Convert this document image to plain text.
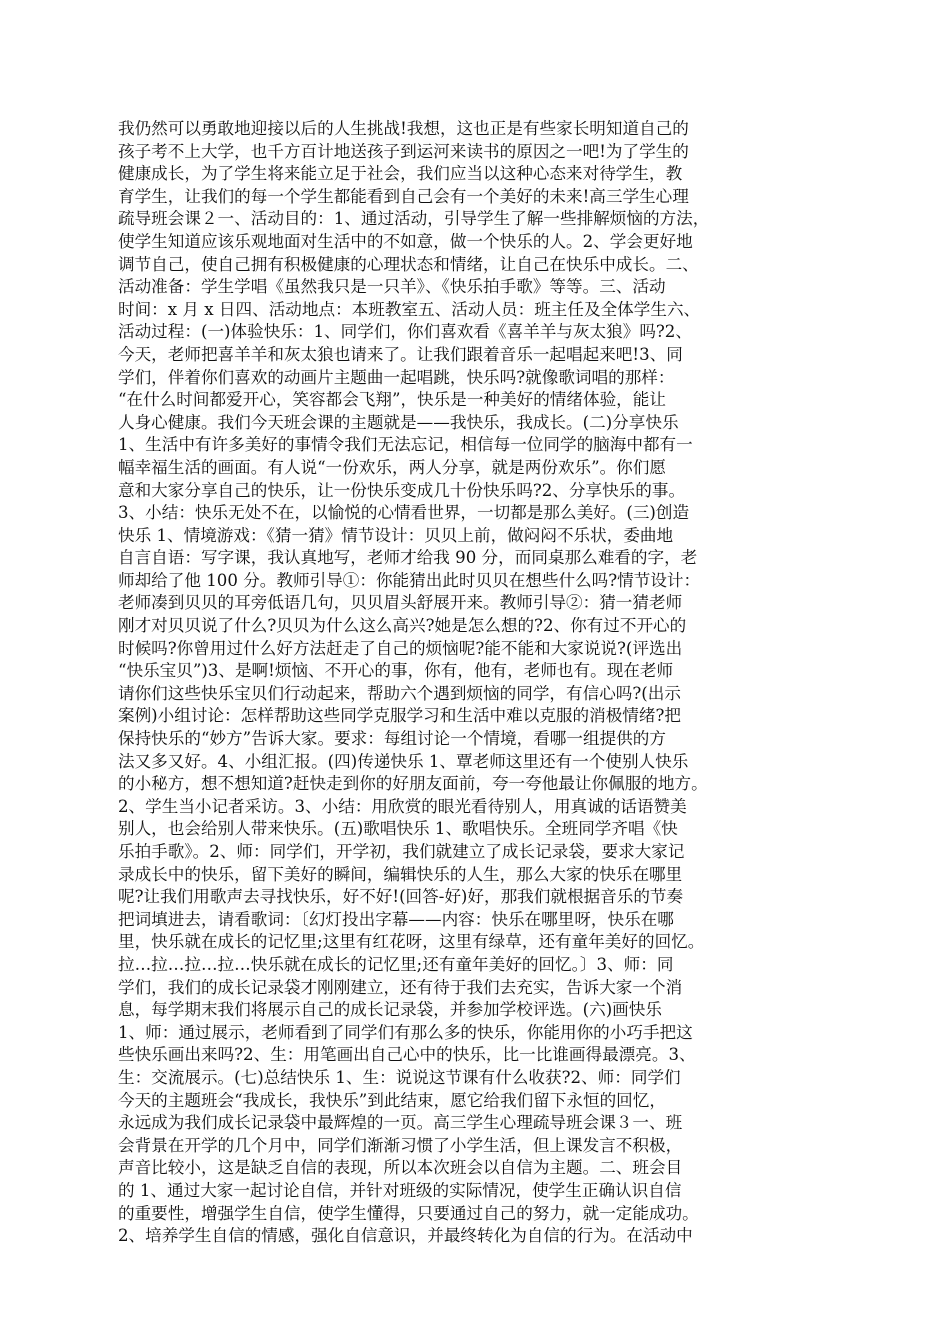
我仍然可以勇敢地迎接以后的人生挑战!我想，这也正是有些家长明知道自己的
孩子考不上大学，也千方百计地送孩子到运河来读书的原因之一吧!为了学生的
健康成长，为了学生将来能立足于社会，我们应当以这种心态来对待学生，教
育学生，让我们的每一个学生都能看到自己会有一个美好的未来!高三学生心理
疏导班会课２一、活动目的：1、通过活动，引导学生了解一些排解烦恼的方法，
使学生知道应该乐观地面对生活中的不如意，做一个快乐的人。2、学会更好地
调节自己，使自己拥有积极健康的心理状态和情绪，让自己在快乐中成长。二、
活动准备：学生学唱《虽然我只是一只羊》、《快乐拍手歌》等等。三、活动
时间：x 月 x 日四、活动地点：本班教室五、活动人员：班主任及全体学生六、
活动过程：(一)体验快乐：1、同学们，你们喜欢看《喜羊羊与灰太狼》吗?2、
今天，老师把喜羊羊和灰太狼也请来了。让我们跟着音乐一起唱起来吧!3、同
学们，伴着你们喜欢的动画片主题曲一起唱跳，快乐吗?就像歌词唱的那样：
“在什么时间都爱开心，笑容都会飞翔”，快乐是一种美好的情绪体验，能让
人身心健康。我们今天班会课的主题就是——我快乐，我成长。(二)分享快乐
1、生活中有许多美好的事情令我们无法忘记，相信每一位同学的脑海中都有一
幅幸福生活的画面。有人说“一份欢乐，两人分享，就是两份欢乐”。你们愿
意和大家分享自己的快乐，让一份快乐变成几十份快乐吗?2、分享快乐的事。
3、小结：快乐无处不在，以愉悦的心情看世界，一切都是那么美好。(三)创造
快乐 1、情境游戏：《猜一猜》情节设计：贝贝上前，做闷闷不乐状，委曲地
自言自语：写字课，我认真地写，老师才给我 90 分，而同桌那么难看的字，老
师却给了他 100 分。教师引导①：你能猜出此时贝贝在想些什么吗?情节设计：
老师凑到贝贝的耳旁低语几句，贝贝眉头舒展开来。教师引导②：猜一猜老师
刚才对贝贝说了什么?贝贝为什么这么高兴?她是怎么想的?2、你有过不开心的
时候吗?你曾用过什么好方法赶走了自己的烦恼呢?能不能和大家说说?(评选出
“快乐宝贝”)3、是啊!烦恼、不开心的事，你有，他有，老师也有。现在老师
请你们这些快乐宝贝们行动起来，帮助六个遇到烦恼的同学，有信心吗?(出示
案例)小组讨论：怎样帮助这些同学克服学习和生活中难以克服的消极情绪?把
保持快乐的“妙方”告诉大家。要求：每组讨论一个情境，看哪一组提供的方
法又多又好。4、小组汇报。(四)传递快乐 1、覃老师这里还有一个使别人快乐
的小秘方，想不想知道?赶快走到你的好朋友面前，夸一夸他最让你佩服的地方。
2、学生当小记者采访。3、小结：用欣赏的眼光看待别人，用真诚的话语赞美
别人，也会给别人带来快乐。(五)歌唱快乐 1、歌唱快乐。全班同学齐唱《快
乐拍手歌》。2、师：同学们，开学初，我们就建立了成长记录袋，要求大家记
录成长中的快乐，留下美好的瞬间，编辑快乐的人生，那么大家的快乐在哪里
呢?让我们用歌声去寻找快乐，好不好!(回答-好)好，那我们就根据音乐的节奏
把词填进去，请看歌词：〔幻灯投出字幕——内容：快乐在哪里呀，快乐在哪
里，快乐就在成长的记忆里;这里有红花呀，这里有绿草，还有童年美好的回忆。
拉…拉…拉…拉…快乐就在成长的记忆里;还有童年美好的回忆。〕3、师：同
学们，我们的成长记录袋才刚刚建立，还有待于我们去充实，告诉大家一个消
息，每学期末我们将展示自己的成长记录袋，并参加学校评选。(六)画快乐
1、师：通过展示，老师看到了同学们有那么多的快乐，你能用你的小巧手把这
些快乐画出来吗?2、生：用笔画出自己心中的快乐，比一比谁画得最漂亮。3、
生：交流展示。(七)总结快乐 1、生：说说这节课有什么收获?2、师：同学们
今天的主题班会“我成长，我快乐”到此结束，愿它给我们留下永恒的回忆，
永远成为我们成长记录袋中最辉煌的一页。高三学生心理疏导班会课３一、班
会背景在开学的几个月中，同学们渐渐习惯了小学生活，但上课发言不积极，
声音比较小，这是缺乏自信的表现，所以本次班会以自信为主题。二、班会目
的 1、通过大家一起讨论自信，并针对班级的实际情况，使学生正确认识自信
的重要性，增强学生自信，使学生懂得，只要通过自己的努力，就一定能成功。
2、培养学生自信的情感，强化自信意识，并最终转化为自信的行为。在活动中
